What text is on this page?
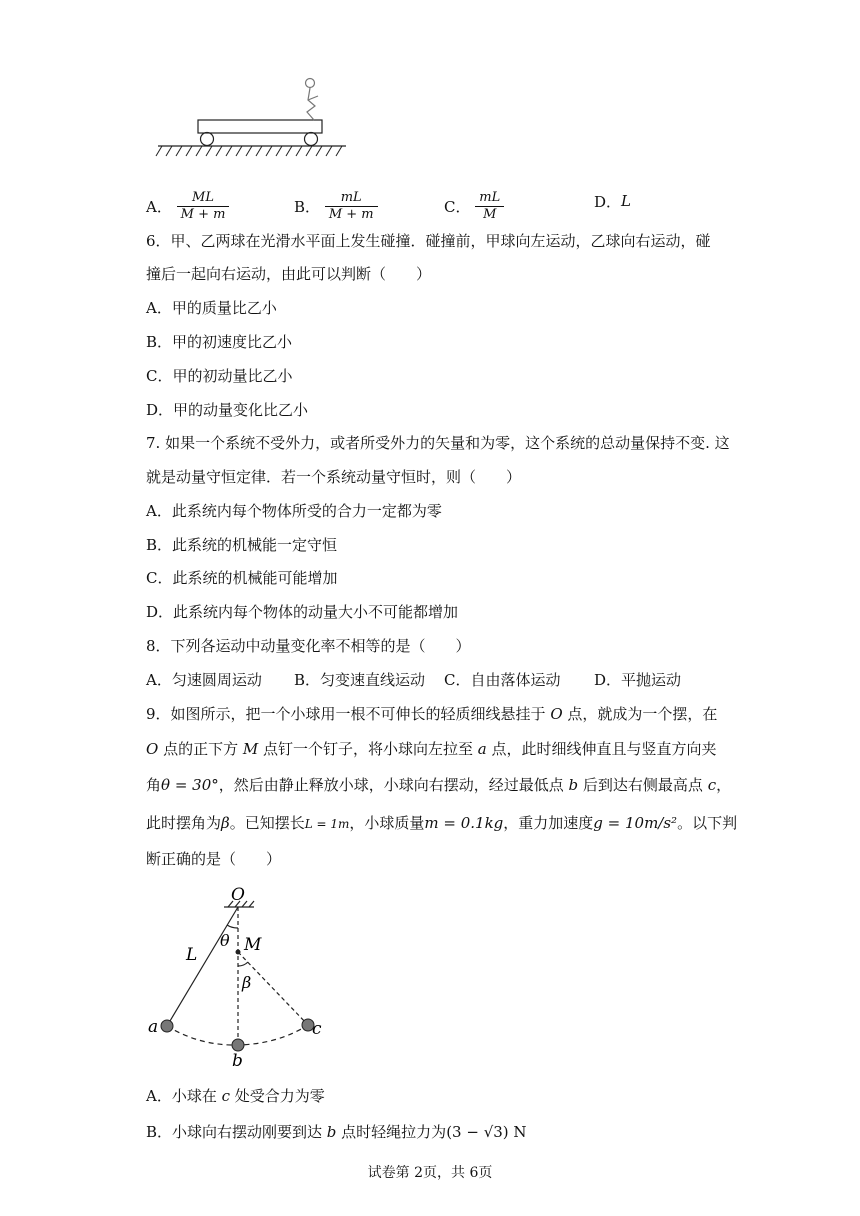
A． $\frac{ML}{M + m}$	B． $\frac{mL}{M + m}$	C． $\frac{mL}{M}$	D．L
6．甲、乙两球在光滑水平面上发生碰撞．碰撞前，甲球向左运动，乙球向右运动，碰
撞后一起向右运动，由此可以判断（　　）
A．甲的质量比乙小
B．甲的初速度比乙小
C．甲的初动量比乙小
D．甲的动量变化比乙小
7. 如果一个系统不受外力，或者所受外力的矢量和为零，这个系统的总动量保持不变. 这
就是动量守恒定律．若一个系统动量守恒时，则（　　）
A．此系统内每个物体所受的合力一定都为零
B．此系统的机械能一定守恒
C．此系统的机械能可能增加
D．此系统内每个物体的动量大小不可能都增加
8．下列各运动中动量变化率不相等的是（　　）
A．匀速圆周运动 B．匀变速直线运动 C．自由落体运动 D．平抛运动
9．如图所示，把一个小球用一根不可伸长的轻质细线悬挂于 O 点，就成为一个摆，在
O 点的正下方 M 点钉一个钉子，将小球向左拉至 a 点，此时细线伸直且与竖直方向夹
角θ = 30°，然后由静止释放小球，小球向右摆动，经过最低点 b 后到达右侧最高点 c，
此时摆角为β。已知摆长L = 1m，小球质量m = 0.1kg，重力加速度g = 10m/s²。以下判
断正确的是（　　）
O
M
L
θ
β
a
b
c
A．小球在 c 处受合力为零
B．小球向右摆动刚要到达 b 点时轻绳拉力为(3 − √3) N
试卷第 2页，共 6页
